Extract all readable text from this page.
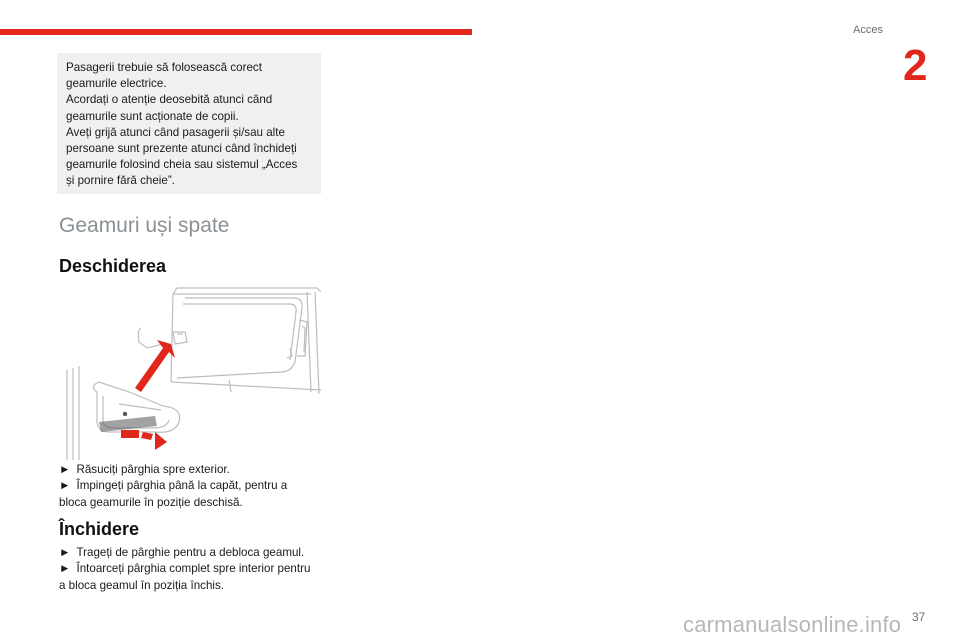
Acces
2

Pasagerii trebuie să folosească corect

geamurile electrice.

Acordați o atenție deosebită atunci când

geamurile sunt acționate de copii.

Aveți grijă atunci când pasagerii și/sau alte

persoane sunt prezente atunci când închideți

geamurile folosind cheia sau sistemul „Acces

și pornire fără cheie”.

Geamuri uși spate
Deschiderea

► Răsuciți pârghia spre exterior.

► Împingeți pârghia până la capăt, pentru a

bloca geamurile în poziție deschisă.

Închidere

► Trageți de pârghie pentru a debloca geamul.

► Întoarceți pârghia complet spre interior pentru

a bloca geamul în poziția închis.

carmanualsonline.info 37
